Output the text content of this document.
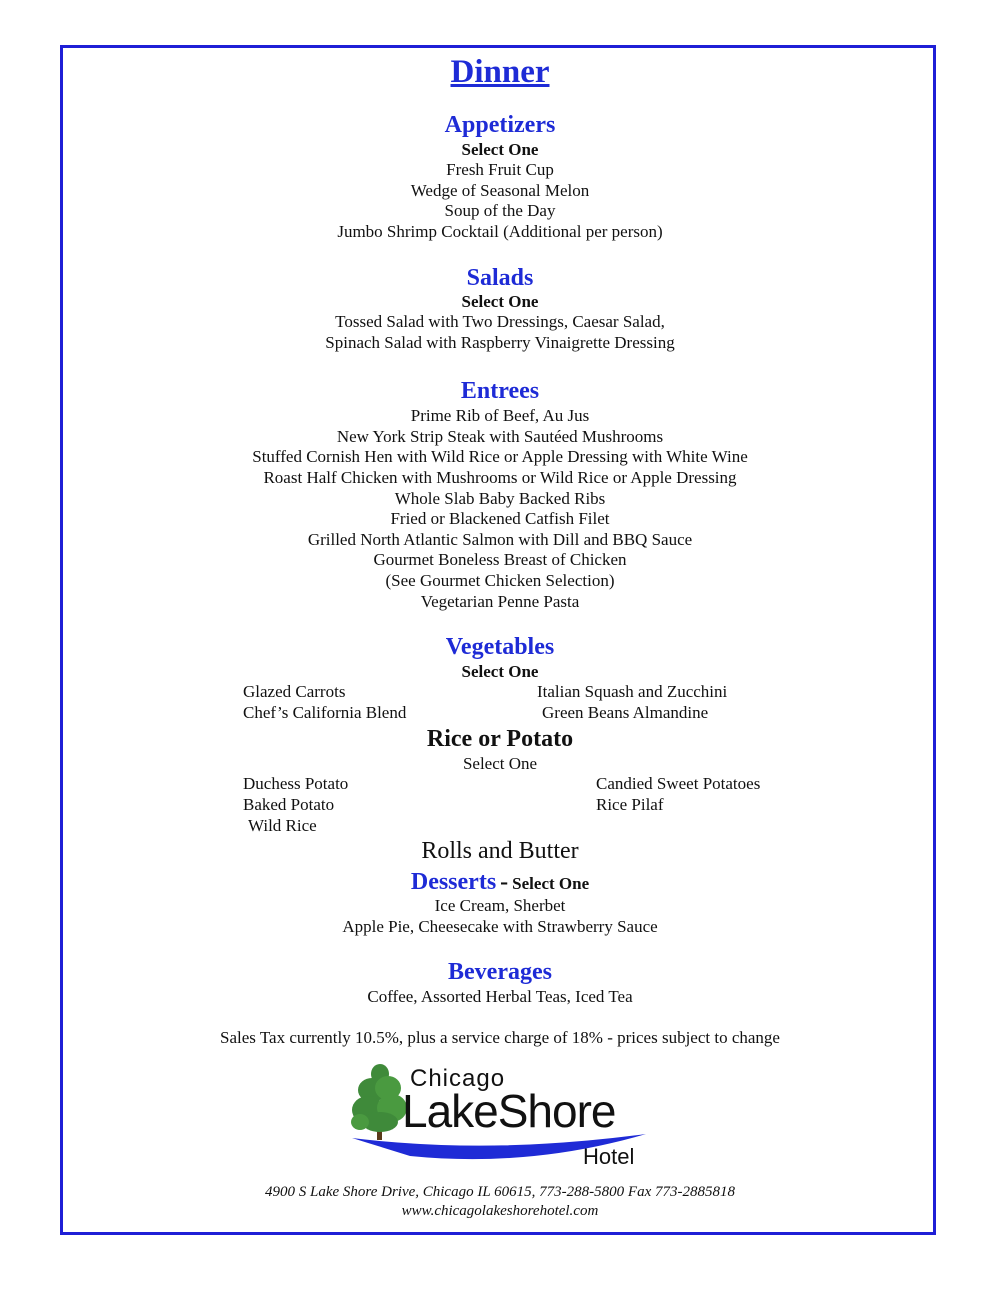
Dinner
Appetizers
Select One
Fresh Fruit Cup
Wedge of Seasonal Melon
Soup of the Day
Jumbo Shrimp Cocktail (Additional per person)
Salads
Select One
Tossed Salad with Two Dressings, Caesar Salad,
Spinach Salad with Raspberry Vinaigrette Dressing
Entrees
Prime Rib of Beef, Au Jus
New York Strip Steak with Sautéed Mushrooms
Stuffed Cornish Hen with Wild Rice or Apple Dressing with White Wine
Roast Half Chicken with Mushrooms or Wild Rice or Apple Dressing
Whole Slab Baby Backed Ribs
Fried or Blackened Catfish Filet
Grilled North Atlantic Salmon with Dill and BBQ Sauce
Gourmet Boneless Breast of Chicken
(See Gourmet Chicken Selection)
Vegetarian Penne Pasta
Vegetables
Select One
Glazed Carrots
Chef’s California Blend
Italian Squash and Zucchini
Green Beans Almandine
Rice or Potato
Select One
Duchess Potato
Baked Potato
Wild Rice
Candied Sweet Potatoes
Rice Pilaf
Rolls and Butter
Desserts - Select One
Ice Cream, Sherbet
Apple Pie, Cheesecake with Strawberry Sauce
Beverages
Coffee, Assorted Herbal Teas, Iced Tea
Sales Tax currently 10.5%, plus a service charge of 18% - prices subject to change
Chicago
LakeShore
Hotel
4900 S Lake Shore Drive, Chicago IL 60615, 773-288-5800 Fax 773-2885818
www.chicagolakeshorehotel.com
